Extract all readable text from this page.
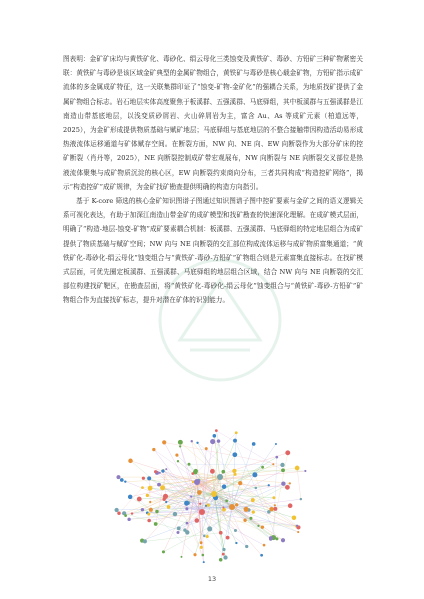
图表明：金矿矿床均与黄铁矿化、毒砂化、绢云母化三类蚀变及黄铁矿、毒砂、方铅矿三种矿物紧密关联：黄铁矿与毒砂是该区域金矿典型的金属矿物组合，黄铁矿与毒砂是核心载金矿物，方铅矿指示成矿流体的多金属成矿特征，这一关联集群印证了“蚀变-矿物-金矿化”的强耦合关系，为地质找矿提供了金属矿物组合标志。岩石地层实体高度聚焦于板溪群、五强溪群、马底驿组，其中板溪群与五强溪群是江南造山带基底地层，以浅变质砂屑岩、火山碎屑岩为主，富含 Au、As 等成矿元素（柏道远等，2025），为金矿形成提供物质基础与赋矿地层；马底驿组与基底地层的不整合接触带因构造活动易形成热液流体运移通道与矿体赋存空间。在断裂方面，NW 向、NE 向、EW 向断裂作为大部分矿床的控矿断裂（肖丹等，2025），NE 向断裂控制成矿带宏观展布，NW 向断裂与 NE 向断裂交叉部位是热液流体聚集与成矿物质沉淀的核心区，EW 向断裂约束商向分布，三者共同构成“构造控矿网络”，揭示“构造控矿”成矿规律，为金矿找矿勘查提供明确的构造方向指引。

基于 K-core 筛选的核心金矿知识图谱子图通过知识图谱子图中控矿要素与金矿之间的语义逻辑关系可视化表达，有助于加深江南造山带金矿的成矿模型和找矿勘查的快速深化理解。在成矿模式层面，明确了“构造-地层-蚀变-矿物”成矿要素耦合机制：板溪群、五强溪群、马底驿组的特定地层组合为成矿提供了物质基础与赋矿空间；NW 向与 NE 向断裂的交汇部位构成流体运移与成矿物质富集通道；“黄铁矿化-毒砂化-绢云母化”蚀变组合与“黄铁矿-毒砂-方铅矿”矿物组合则是元素富集直接标志。在找矿模式层面，可优先圈定板溪群、五强溪群、马底驿组的地层组合区域，结合 NW 向与 NE 向断裂的交汇部位构建找矿靶区，在勘查层面，将“黄铁矿化-毒砂化-绢云母化”蚀变组合与“黄铁矿-毒砂-方铅矿”矿物组合作为直接找矿标志，提升对潜在矿体的识别能力。

13
